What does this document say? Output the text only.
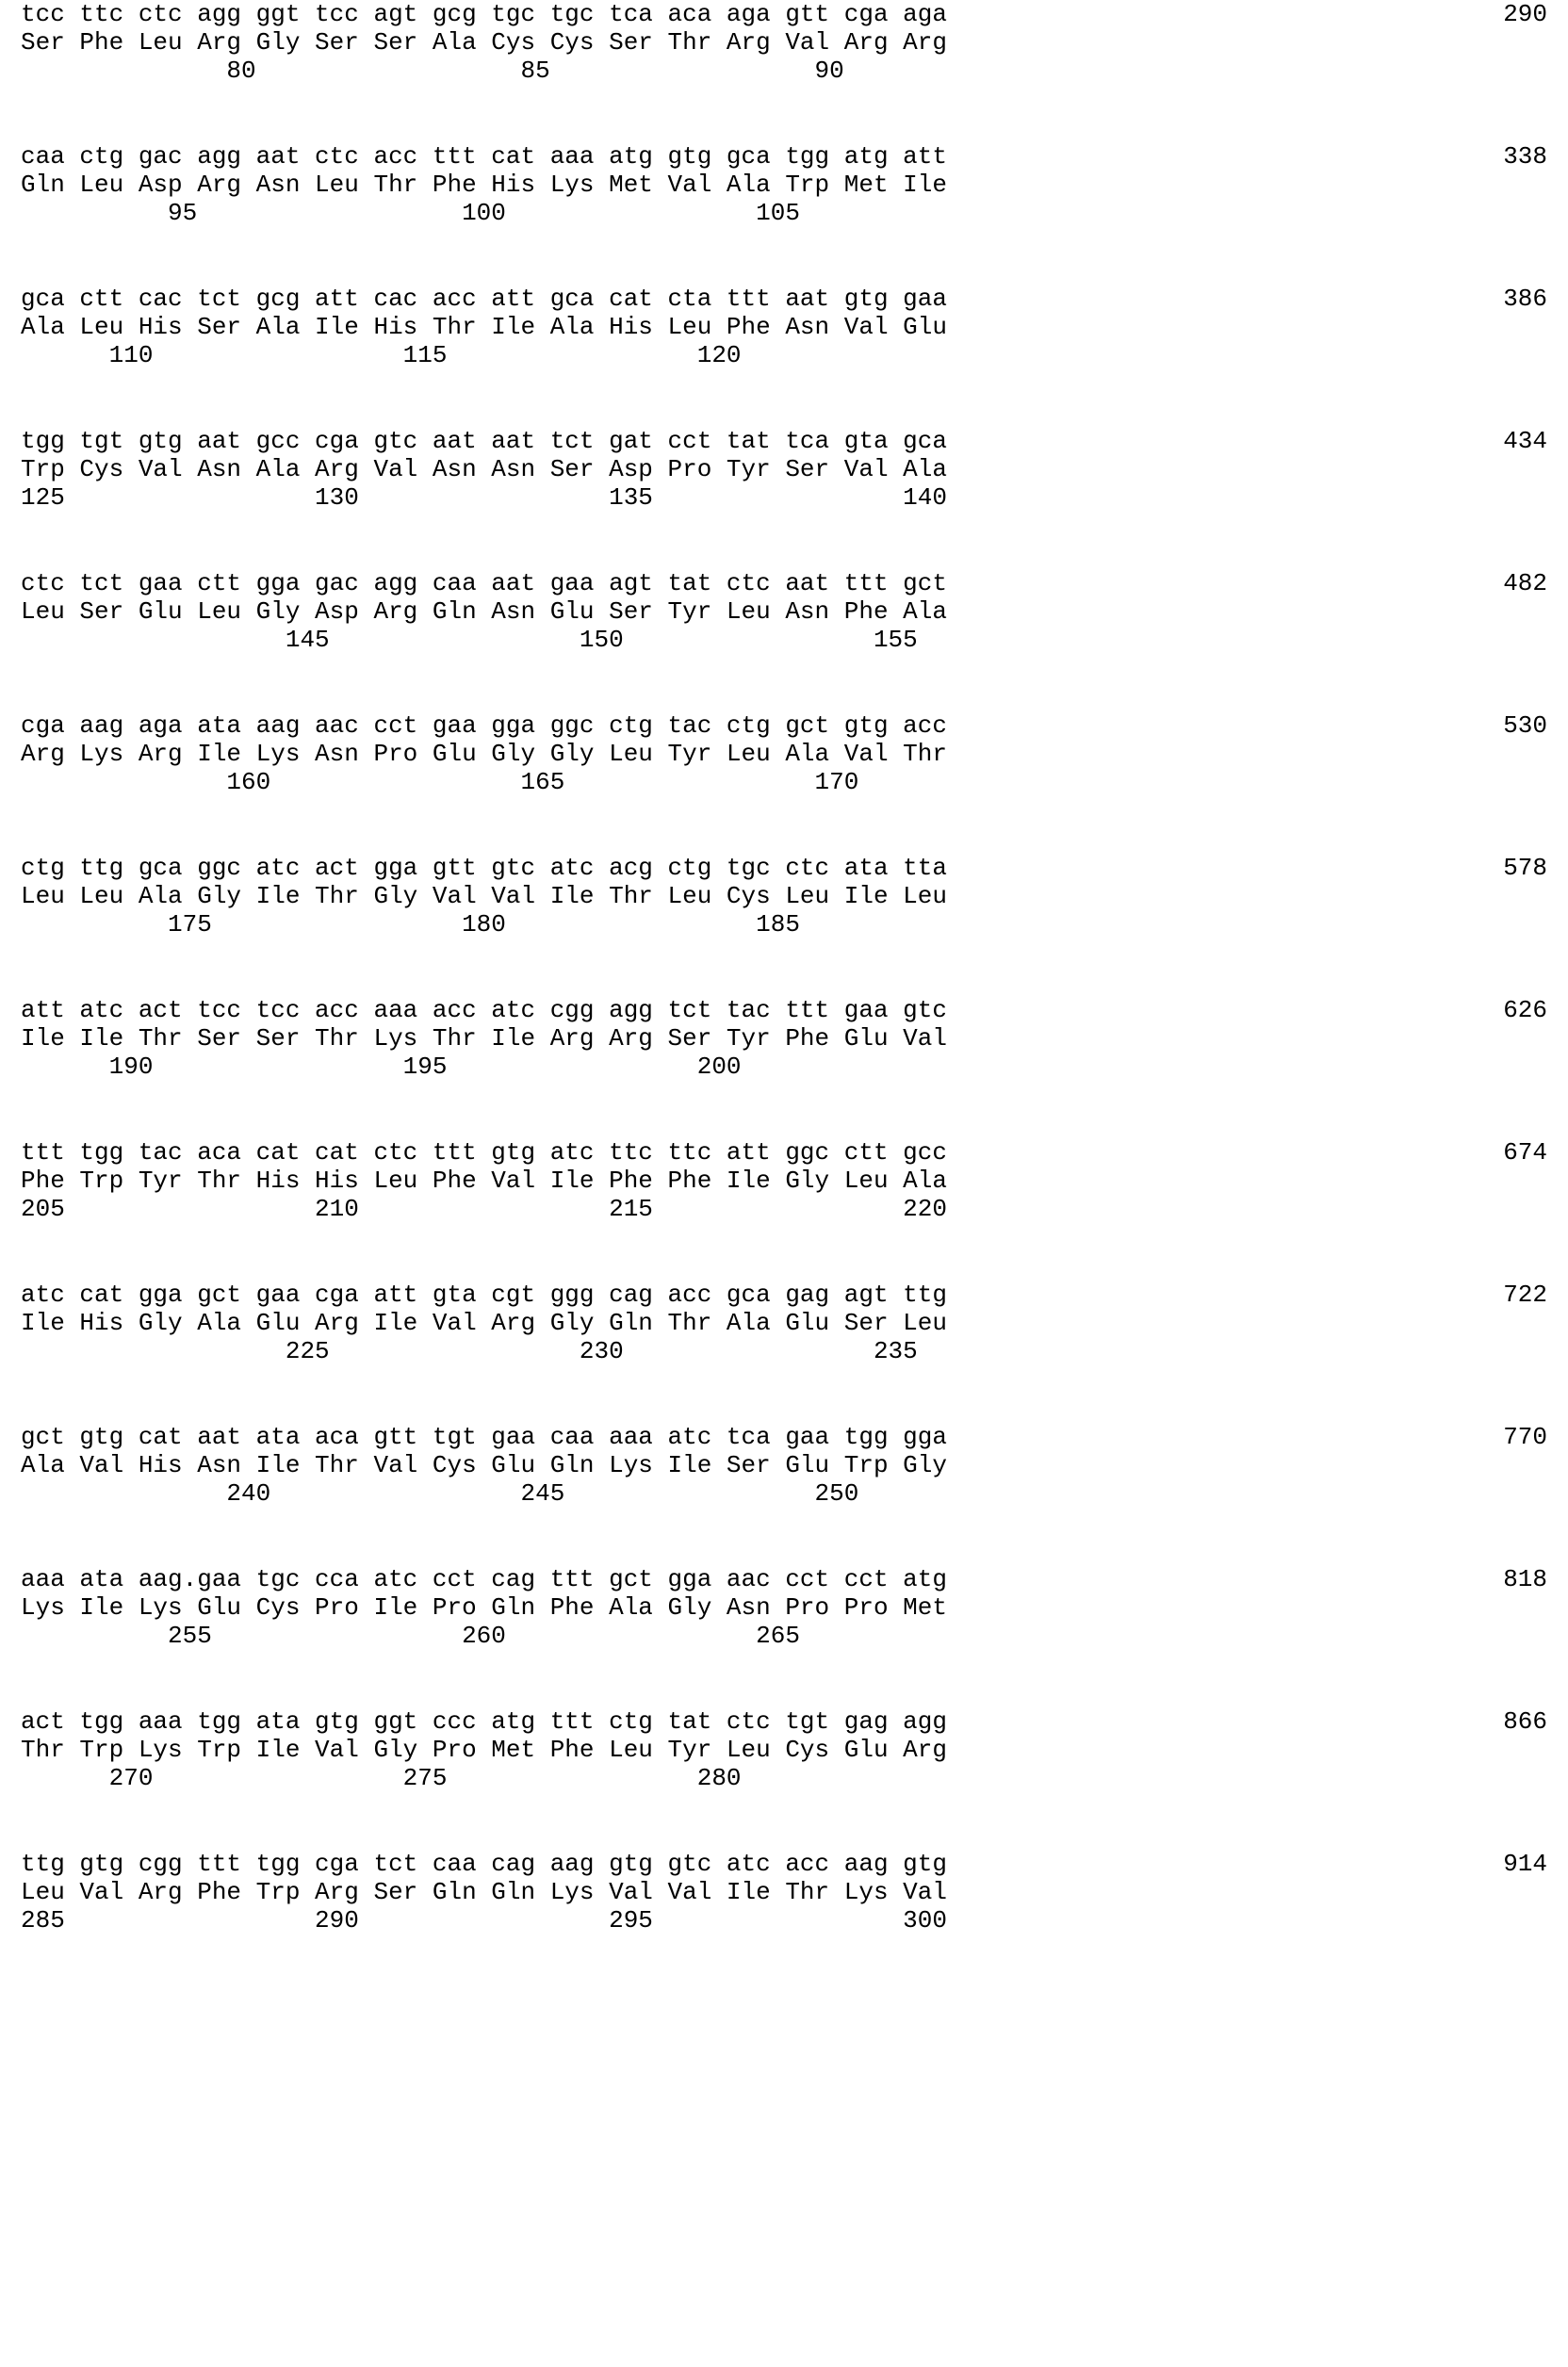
tcc ttc ctc agg ggt tcc agt gcg tgc tgc tca aca aga gtt cga aga
Ser Phe Leu Arg Gly Ser Ser Ala Cys Cys Ser Thr Arg Val Arg Arg
80                  85                  90
290
caa ctg gac agg aat ctc acc ttt cat aaa atg gtg gca tgg atg att
Gln Leu Asp Arg Asn Leu Thr Phe His Lys Met Val Ala Trp Met Ile
95                  100                 105
338
gca ctt cac tct gcg att cac acc att gca cat cta ttt aat gtg gaa
Ala Leu His Ser Ala Ile His Thr Ile Ala His Leu Phe Asn Val Glu
110                 115                 120
386
tgg tgt gtg aat gcc cga gtc aat aat tct gat cct tat tca gta gca
Trp Cys Val Asn Ala Arg Val Asn Asn Ser Asp Pro Tyr Ser Val Ala
125                 130                 135                 140
434
ctc tct gaa ctt gga gac agg caa aat gaa agt tat ctc aat ttt gct
Leu Ser Glu Leu Gly Asp Arg Gln Asn Glu Ser Tyr Leu Asn Phe Ala
145                 150                 155
482
cga aag aga ata aag aac cct gaa gga ggc ctg tac ctg gct gtg acc
Arg Lys Arg Ile Lys Asn Pro Glu Gly Gly Leu Tyr Leu Ala Val Thr
160                 165                 170
530
ctg ttg gca ggc atc act gga gtt gtc atc acg ctg tgc ctc ata tta
Leu Leu Ala Gly Ile Thr Gly Val Val Ile Thr Leu Cys Leu Ile Leu
175                 180                 185
578
att atc act tcc tcc acc aaa acc atc cgg agg tct tac ttt gaa gtc
Ile Ile Thr Ser Ser Thr Lys Thr Ile Arg Arg Ser Tyr Phe Glu Val
190                 195                 200
626
ttt tgg tac aca cat cat ctc ttt gtg atc ttc ttc att ggc ctt gcc
Phe Trp Tyr Thr His His Leu Phe Val Ile Phe Phe Ile Gly Leu Ala
205                 210                 215                 220
674
atc cat gga gct gaa cga att gta cgt ggg cag acc gca gag agt ttg
Ile His Gly Ala Glu Arg Ile Val Arg Gly Gln Thr Ala Glu Ser Leu
225                 230                 235
722
gct gtg cat aat ata aca gtt tgt gaa caa aaa atc tca gaa tgg gga
Ala Val His Asn Ile Thr Val Cys Glu Gln Lys Ile Ser Glu Trp Gly
240                 245                 250
770
aaa ata aag.gaa tgc cca atc cct cag ttt gct gga aac cct cct atg
Lys Ile Lys Glu Cys Pro Ile Pro Gln Phe Ala Gly Asn Pro Pro Met
255                 260                 265
818
act tgg aaa tgg ata gtg ggt ccc atg ttt ctg tat ctc tgt gag agg
Thr Trp Lys Trp Ile Val Gly Pro Met Phe Leu Tyr Leu Cys Glu Arg
270                 275                 280
866
ttg gtg cgg ttt tgg cga tct caa cag aag gtg gtc atc acc aag gtg
Leu Val Arg Phe Trp Arg Ser Gln Gln Lys Val Val Ile Thr Lys Val
285                 290                 295                 300
914
